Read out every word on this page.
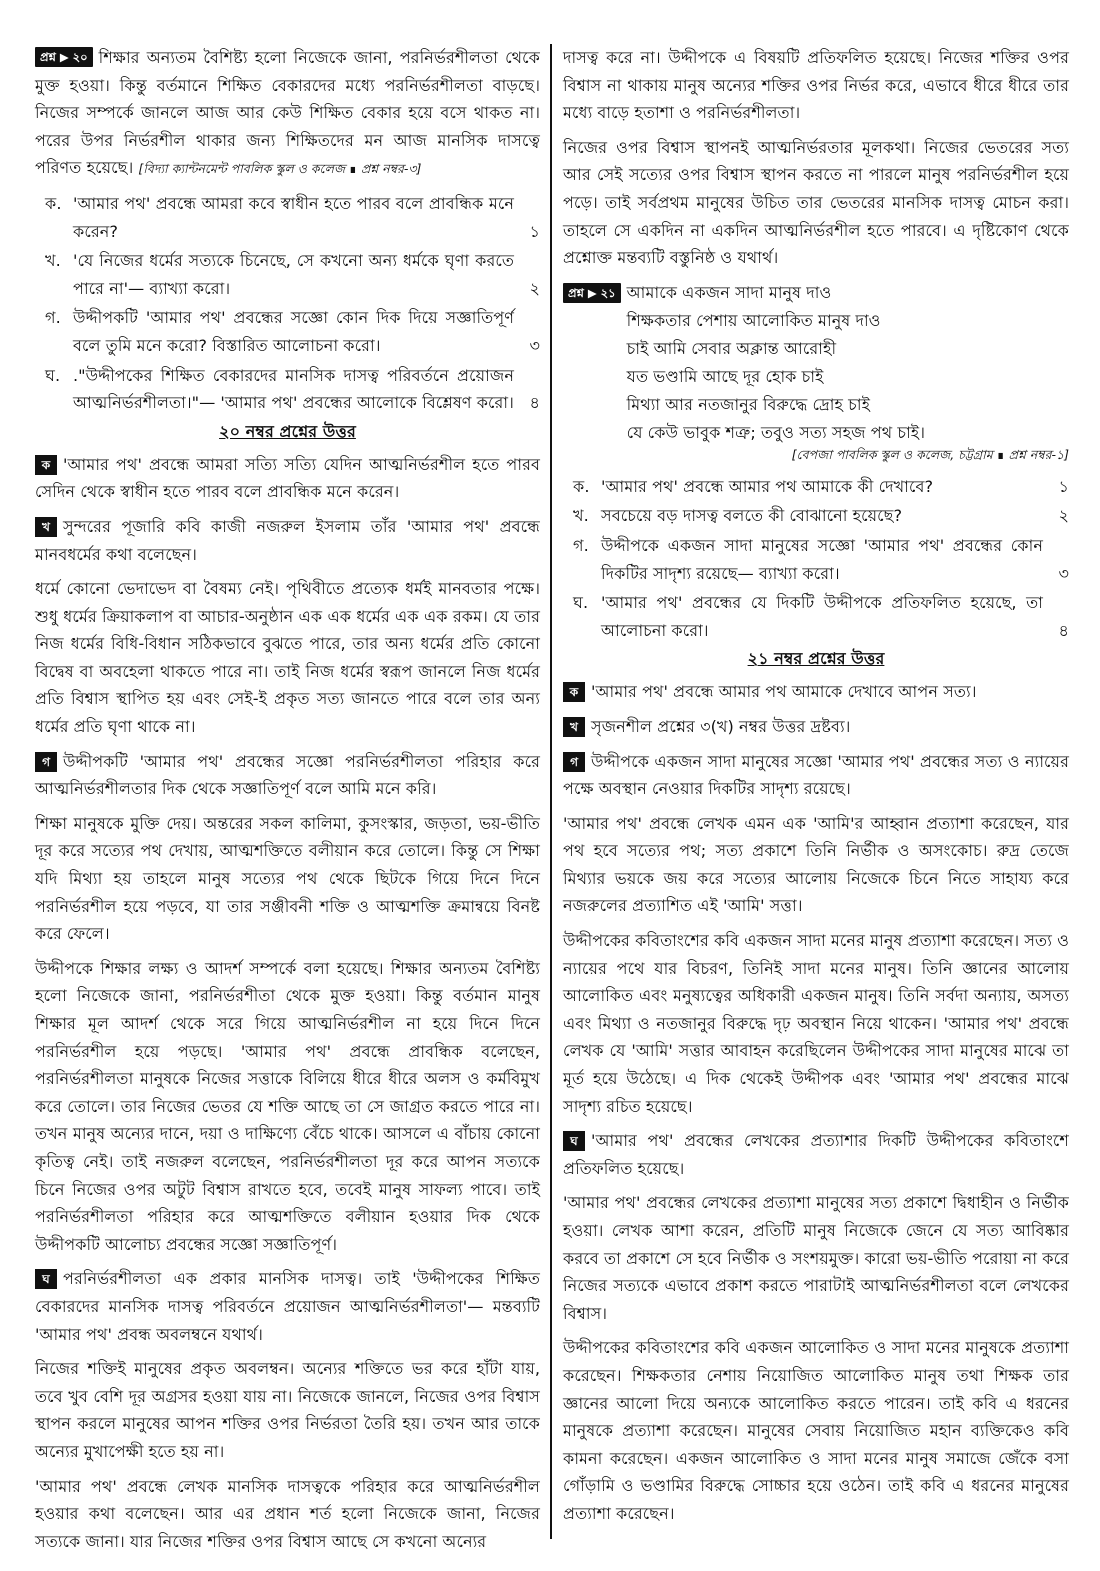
প্রশ্ন ▶ ২০ শিক্ষার অন্যতম বৈশিষ্ট্য হলো নিজেকে জানা, পরনির্ভরশীলতা থেকে মুক্ত হওয়া। কিন্তু বর্তমানে শিক্ষিত বেকারদের মধ্যে পরনির্ভরশীলতা বাড়ছে। নিজের সম্পর্কে জানলে আজ আর কেউ শিক্ষিত বেকার হয়ে বসে থাকত না। পরের উপর নির্ভরশীল থাকার জন্য শিক্ষিতদের মন আজ মানসিক দাসত্বে পরিণত হয়েছে। [বিদ্যা ক্যান্টনমেন্ট পাবলিক স্কুল ও কলেজ ∎ প্রশ্ন নম্বর-৩]

ক. 'আমার পথ' প্রবন্ধে আমরা কবে স্বাধীন হতে পারব বলে প্রাবন্ধিক মনে করেন?	১
খ. 'যে নিজের ধর্মের সত্যকে চিনেছে, সে কখনো অন্য ধর্মকে ঘৃণা করতে পারে না'— ব্যাখ্যা করো।	২
গ. উদ্দীপকটি 'আমার পথ' প্রবন্ধের সজ্ঞো কোন দিক দিয়ে সজ্ঞাতিপূর্ণ বলে তুমি মনে করো? বিস্তারিত আলোচনা করো।	৩
ঘ. ."উদ্দীপকের শিক্ষিত বেকারদের মানসিক দাসত্ব পরিবর্তনে প্রয়োজন আত্মনির্ভরশীলতা।"— 'আমার পথ' প্রবন্ধের আলোকে বিশ্লেষণ করো। ৪
২০ নম্বর প্রশ্নের উত্তর

ক 'আমার পথ' প্রবন্ধে আমরা সত্যি সত্যি যেদিন আত্মনির্ভরশীল হতে পারব সেদিন থেকে স্বাধীন হতে পারব বলে প্রাবন্ধিক মনে করেন।

খ সুন্দরের পূজারি কবি কাজী নজরুল ইসলাম তাঁর 'আমার পথ' প্রবন্ধে মানবধর্মের কথা বলেছেন।

ধর্মে কোনো ভেদাভেদ বা বৈষম্য নেই। পৃথিবীতে প্রত্যেক ধর্মই মানবতার পক্ষে। শুধু ধর্মের ক্রিয়াকলাপ বা আচার-অনুষ্ঠান এক এক ধর্মের এক এক রকম। যে তার নিজ ধর্মের বিধি-বিধান সঠিকভাবে বুঝতে পারে, তার অন্য ধর্মের প্রতি কোনো বিদ্বেষ বা অবহেলা থাকতে পারে না। তাই নিজ ধর্মের স্বরূপ জানলে নিজ ধর্মের প্রতি বিশ্বাস স্থাপিত হয় এবং সেই-ই প্রকৃত সত্য জানতে পারে বলে তার অন্য ধর্মের প্রতি ঘৃণা থাকে না।

গ উদ্দীপকটি 'আমার পথ' প্রবন্ধের সজ্ঞো পরনির্ভরশীলতা পরিহার করে আত্মনির্ভরশীলতার দিক থেকে সজ্ঞাতিপূর্ণ বলে আমি মনে করি।

শিক্ষা মানুষকে মুক্তি দেয়। অন্তরের সকল কালিমা, কুসংস্কার, জড়তা, ভয়-ভীতি দূর করে সত্যের পথ দেখায়, আত্মশক্তিতে বলীয়ান করে তোলে। কিন্তু সে শিক্ষা যদি মিথ্যা হয় তাহলে মানুষ সত্যের পথ থেকে ছিটকে গিয়ে দিনে দিনে পরনির্ভরশীল হয়ে পড়বে, যা তার সঞ্জীবনী শক্তি ও আত্মশক্তি ক্রমান্বয়ে বিনষ্ট করে ফেলে।

উদ্দীপকে শিক্ষার লক্ষ্য ও আদর্শ সম্পর্কে বলা হয়েছে। শিক্ষার অন্যতম বৈশিষ্ট্য হলো নিজেকে জানা, পরনির্ভরশীতা থেকে মুক্ত হওয়া। কিন্তু বর্তমান মানুষ শিক্ষার মূল আদর্শ থেকে সরে গিয়ে আত্মনির্ভরশীল না হয়ে দিনে দিনে পরনির্ভরশীল হয়ে পড়ছে। 'আমার পথ' প্রবন্ধে প্রাবন্ধিক বলেছেন, পরনির্ভরশীলতা মানুষকে নিজের সত্তাকে বিলিয়ে ধীরে ধীরে অলস ও কর্মবিমুখ করে তোলে। তার নিজের ভেতর যে শক্তি আছে তা সে জাগ্রত করতে পারে না। তখন মানুষ অন্যের দানে, দয়া ও দাক্ষিণ্যে বেঁচে থাকে। আসলে এ বাঁচায় কোনো কৃতিত্ব নেই। তাই নজরুল বলেছেন, পরনির্ভরশীলতা দূর করে আপন সত্যকে চিনে নিজের ওপর অটুট বিশ্বাস রাখতে হবে, তবেই মানুষ সাফল্য পাবে। তাই পরনির্ভরশীলতা পরিহার করে আত্মশক্তিতে বলীয়ান হওয়ার দিক থেকে উদ্দীপকটি আলোচ্য প্রবন্ধের সজ্ঞো সজ্ঞাতিপূর্ণ।

ঘ পরনির্ভরশীলতা এক প্রকার মানসিক দাসত্ব। তাই 'উদ্দীপকের শিক্ষিত বেকারদের মানসিক দাসত্ব পরিবর্তনে প্রয়োজন আত্মনির্ভরশীলতা'— মন্তব্যটি 'আমার পথ' প্রবন্ধ অবলম্বনে যথার্থ।

নিজের শক্তিই মানুষের প্রকৃত অবলম্বন। অন্যের শক্তিতে ভর করে হাঁটা যায়, তবে খুব বেশি দূর অগ্রসর হওয়া যায় না। নিজেকে জানলে, নিজের ওপর বিশ্বাস স্থাপন করলে মানুষের আপন শক্তির ওপর নির্ভরতা তৈরি হয়। তখন আর তাকে অন্যের মুখাপেক্ষী হতে হয় না।

'আমার পথ' প্রবন্ধে লেখক মানসিক দাসত্বকে পরিহার করে আত্মনির্ভরশীল হওয়ার কথা বলেছেন। আর এর প্রধান শর্ত হলো নিজেকে জানা, নিজের সত্যকে জানা। যার নিজের শক্তির ওপর বিশ্বাস আছে সে কখনো অন্যের

দাসত্ব করে না। উদ্দীপকে এ বিষয়টি প্রতিফলিত হয়েছে। নিজের শক্তির ওপর বিশ্বাস না থাকায় মানুষ অন্যের শক্তির ওপর নির্ভর করে, এভাবে ধীরে ধীরে তার মধ্যে বাড়ে হতাশা ও পরনির্ভরশীলতা।

নিজের ওপর বিশ্বাস স্থাপনই আত্মনির্ভরতার মূলকথা। নিজের ভেতরের সত্য আর সেই সত্যের ওপর বিশ্বাস স্থাপন করতে না পারলে মানুষ পরনির্ভরশীল হয়ে পড়ে। তাই সর্বপ্রথম মানুষের উচিত তার ভেতরের মানসিক দাসত্ব মোচন করা। তাহলে সে একদিন না একদিন আত্মনির্ভরশীল হতে পারবে। এ দৃষ্টিকোণ থেকে প্রশ্নোক্ত মন্তব্যটি বস্তুনিষ্ঠ ও যথার্থ।

প্রশ্ন ▶ ২১ আমাকে একজন সাদা মানুষ দাও
শিক্ষকতার পেশায় আলোকিত মানুষ দাও
চাই আমি সেবার অক্লান্ত আরোহী
যত ভণ্ডামি আছে দূর হোক চাই
মিথ্যা আর নতজানুর বিরুদ্ধে দ্রোহ চাই
যে কেউ ভাবুক শত্রু; তবুও সত্য সহজ পথ চাই।
[বেপজা পাবলিক স্কুল ও কলেজ, চট্টগ্রাম ∎ প্রশ্ন নম্বর-১]
ক. 'আমার পথ' প্রবন্ধে আমার পথ আমাকে কী দেখাবে?	১
খ. সবচেয়ে বড় দাসত্ব বলতে কী বোঝানো হয়েছে?	২
গ. উদ্দীপকে একজন সাদা মানুষের সজ্ঞো 'আমার পথ' প্রবন্ধের কোন দিকটির সাদৃশ্য রয়েছে— ব্যাখ্যা করো।	৩
ঘ. 'আমার পথ' প্রবন্ধের যে দিকটি উদ্দীপকে প্রতিফলিত হয়েছে, তা আলোচনা করো।	৪
২১ নম্বর প্রশ্নের উত্তর

ক 'আমার পথ' প্রবন্ধে আমার পথ আমাকে দেখাবে আপন সত্য।

খ সৃজনশীল প্রশ্নের ৩(খ) নম্বর উত্তর দ্রষ্টব্য।

গ উদ্দীপকে একজন সাদা মানুষের সজ্ঞো 'আমার পথ' প্রবন্ধের সত্য ও ন্যায়ের পক্ষে অবস্থান নেওয়ার দিকটির সাদৃশ্য রয়েছে।

'আমার পথ' প্রবন্ধে লেখক এমন এক 'আমি'র আহ্বান প্রত্যাশা করেছেন, যার পথ হবে সত্যের পথ; সত্য প্রকাশে তিনি নির্ভীক ও অসংকোচ। রুদ্র তেজে মিথ্যার ভয়কে জয় করে সত্যের আলোয় নিজেকে চিনে নিতে সাহায্য করে নজরুলের প্রত্যাশিত এই 'আমি' সত্তা।

উদ্দীপকের কবিতাংশের কবি একজন সাদা মনের মানুষ প্রত্যাশা করেছেন। সত্য ও ন্যায়ের পথে যার বিচরণ, তিনিই সাদা মনের মানুষ। তিনি জ্ঞানের আলোয় আলোকিত এবং মনুষ্যত্বের অধিকারী একজন মানুষ। তিনি সর্বদা অন্যায়, অসত্য এবং মিথ্যা ও নতজানুর বিরুদ্ধে দৃঢ় অবস্থান নিয়ে থাকেন। 'আমার পথ' প্রবন্ধে লেখক যে 'আমি' সত্তার আবাহন করেছিলেন উদ্দীপকের সাদা মানুষের মাঝে তা মূর্ত হয়ে উঠেছে। এ দিক থেকেই উদ্দীপক এবং 'আমার পথ' প্রবন্ধের মাঝে সাদৃশ্য রচিত হয়েছে।

ঘ 'আমার পথ' প্রবন্ধের লেখকের প্রত্যাশার দিকটি উদ্দীপকের কবিতাংশে প্রতিফলিত হয়েছে।

'আমার পথ' প্রবন্ধের লেখকের প্রত্যাশা মানুষের সত্য প্রকাশে দ্বিধাহীন ও নির্ভীক হওয়া। লেখক আশা করেন, প্রতিটি মানুষ নিজেকে জেনে যে সত্য আবিষ্কার করবে তা প্রকাশে সে হবে নির্ভীক ও সংশয়মুক্ত। কারো ভয়-ভীতি পরোয়া না করে নিজের সত্যকে এভাবে প্রকাশ করতে পারাটাই আত্মনির্ভরশীলতা বলে লেখকের বিশ্বাস।

উদ্দীপকের কবিতাংশের কবি একজন আলোকিত ও সাদা মনের মানুষকে প্রত্যাশা করেছেন। শিক্ষকতার নেশায় নিয়োজিত আলোকিত মানুষ তথা শিক্ষক তার জ্ঞানের আলো দিয়ে অন্যকে আলোকিত করতে পারেন। তাই কবি এ ধরনের মানুষকে প্রত্যাশা করেছেন। মানুষের সেবায় নিয়োজিত মহান ব্যক্তিকেও কবি কামনা করেছেন। একজন আলোকিত ও সাদা মনের মানুষ সমাজে জেঁকে বসা গোঁড়ামি ও ভণ্ডামির বিরুদ্ধে সোচ্চার হয়ে ওঠেন। তাই কবি এ ধরনের মানুষের প্রত্যাশা করেছেন।
